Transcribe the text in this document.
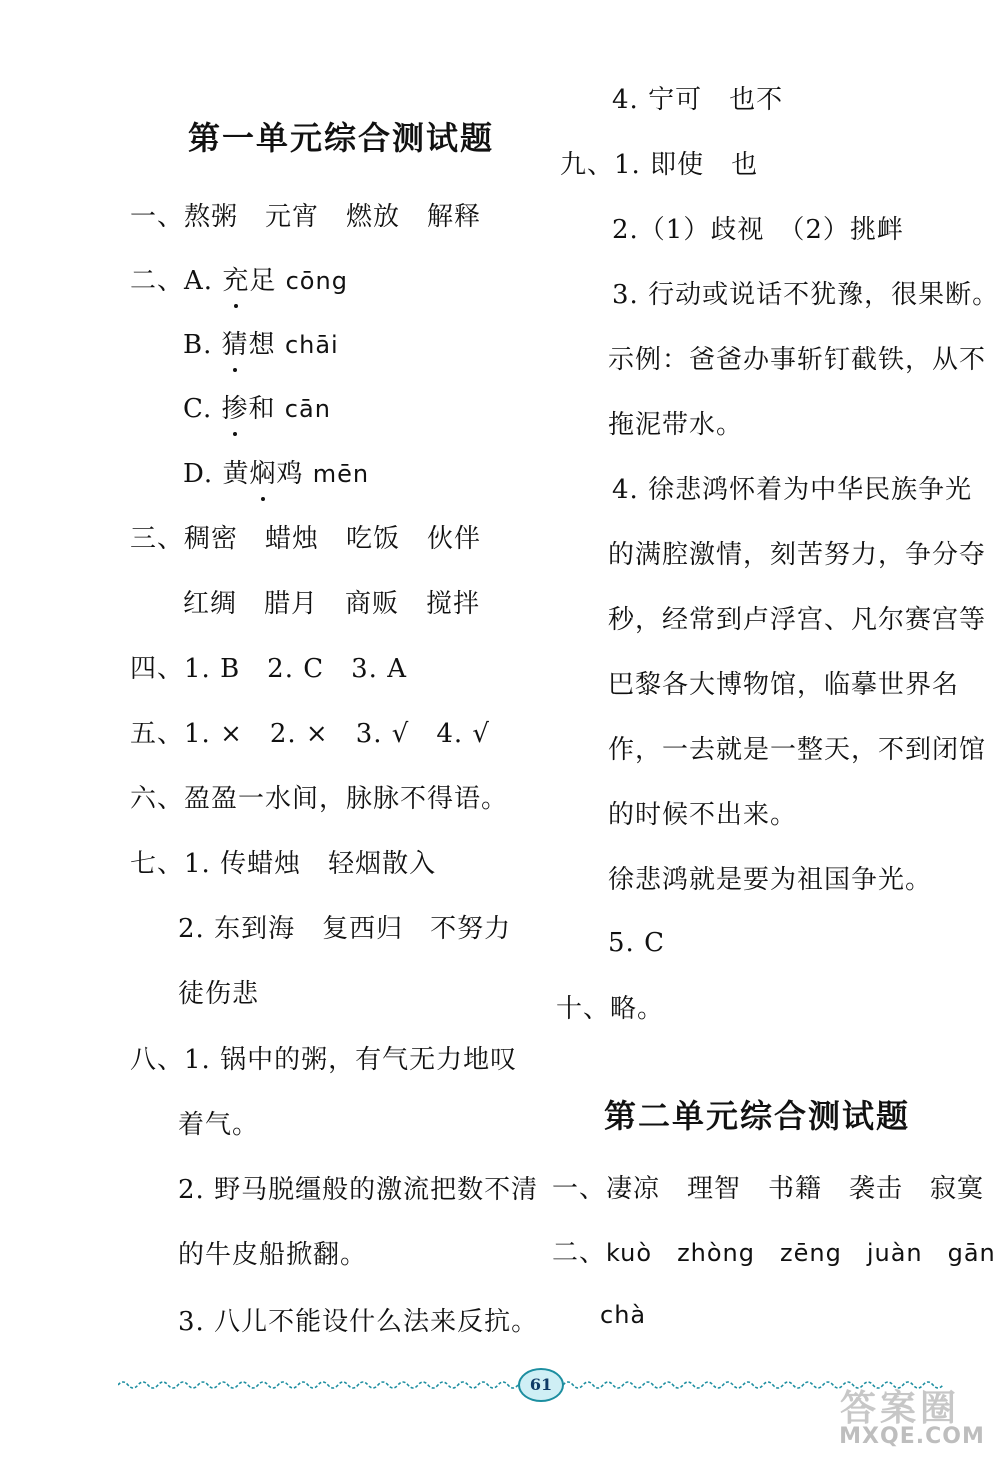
第一单元综合测试题
一、熬粥　元宵　燃放　解释
二、A. 充足 cōng
B. 猜想 chāi
C. 掺和 cān
D. 黄焖鸡 mēn
三、稠密　蜡烛　吃饭　伙伴
红绸　腊月　商贩　搅拌
四、1. B　2. C　3. A
五、1. ×　2. ×　3. √　4. √
六、盈盈一水间，脉脉不得语。
七、1. 传蜡烛　轻烟散入
2. 东到海　复西归　不努力
徒伤悲
八、1. 锅中的粥，有气无力地叹
着气。
2. 野马脱缰般的激流把数不清
的牛皮船掀翻。
3. 八儿不能设什么法来反抗。
4. 宁可　也不
九、1. 即使　也
2.（1）歧视　（2）挑衅
3. 行动或说话不犹豫，很果断。
示例：爸爸办事斩钉截铁，从不
拖泥带水。
4. 徐悲鸿怀着为中华民族争光
的满腔激情，刻苦努力，争分夺
秒，经常到卢浮宫、凡尔赛宫等
巴黎各大博物馆，临摹世界名
作，一去就是一整天，不到闭馆
的时候不出来。
徐悲鸿就是要为祖国争光。
5. C
十、略。
第二单元综合测试题
一、凄凉　理智　书籍　袭击　寂寞
二、kuò　zhòng　zēng　juàn　gān
chà
61
答案圈
MXQE.COM
